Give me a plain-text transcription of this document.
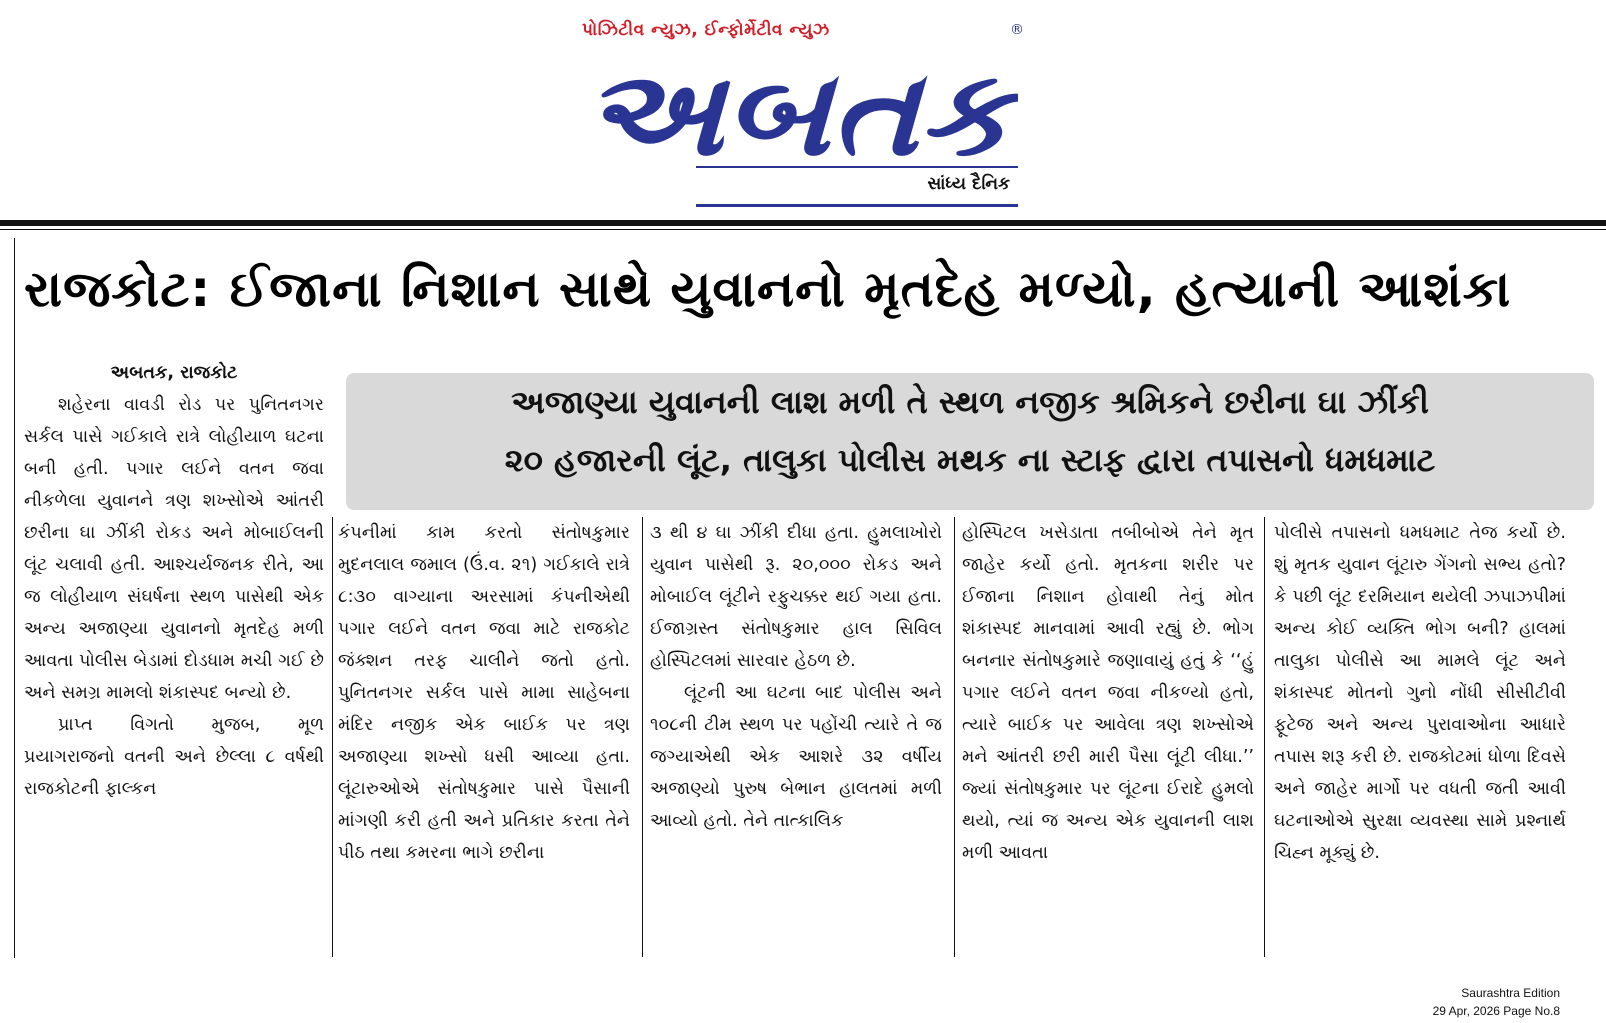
પોઝિટીવ ન્યુઝ, ઈન્ફોર્મેટીવ ન્યુઝ	®
અબતક
સાંધ્ય દૈનિક
રાજકોટ: ઈજાના નિશાન સાથે યુવાનનો મૃતદેહ મળ્યો, હત્યાની આશંકા
અજાણ્યા યુવાનની લાશ મળી તે સ્થળ નજીક શ્રમિકને છરીના ઘા ઝીંકી
૨૦ હજારની લૂંટ, તાલુકા પોલીસ મથક ના સ્ટાફ દ્વારા તપાસનો ધમધમાટ

અબતક, રાજકોટ

શહેરના વાવડી રોડ પર પુનિતનગર સર્કલ પાસે ગઈકાલે રાત્રે લોહીયાળ ઘટના બની હતી. પગાર લઈને વતન જવા નીકળેલા યુવાનને ત્રણ શખ્સોએ આંતરી છરીના ઘા ઝીંકી રોકડ અને મોબાઈલની લૂંટ ચલાવી હતી. આશ્ચર્યજનક રીતે, આ જ લોહીયાળ સંઘર્ષના સ્થળ પાસેથી એક અન્ય અજાણ્યા યુવાનનો મૃતદેહ મળી આવતા પોલીસ બેડામાં દોડધામ મચી ગઈ છે અને સમગ્ર મામલો શંકાસ્પદ બન્યો છે.

પ્રાપ્ત વિગતો મુજબ, મૂળ પ્રયાગરાજનો વતની અને છેલ્લા ૮ વર્ષથી રાજકોટની ફાલ્કન

કંપનીમાં કામ કરતો સંતોષકુમાર મુદનલાલ જમાલ (ઉં.વ. ૨૧) ગઈકાલે રાત્રે ૮:૩૦ વાગ્યાના અરસામાં કંપનીએથી પગાર લઈને વતન જવા માટે રાજકોટ જંક્શન તરફ ચાલીને જતો હતો. પુનિતનગર સર્કલ પાસે મામા સાહેબના મંદિર નજીક એક બાઈક પર ત્રણ અજાણ્યા શખ્સો ધસી આવ્યા હતા. લૂંટારુઓએ સંતોષકુમાર પાસે પૈસાની માંગણી કરી હતી અને પ્રતિકાર કરતા તેને પીઠ તથા કમરના ભાગે છરીના

૩ થી ૪ ઘા ઝીંકી દીધા હતા. હુમલાખોરો યુવાન પાસેથી રૂ. ૨૦,૦૦૦ રોકડ અને મોબાઈલ લૂંટીને રફુચક્કર થઈ ગયા હતા. ઈજાગ્રસ્ત સંતોષકુમાર હાલ સિવિલ હોસ્પિટલમાં સારવાર હેઠળ છે.

લૂંટની આ ઘટના બાદ પોલીસ અને ૧૦૮ની ટીમ સ્થળ પર પહોંચી ત્યારે તે જ જગ્યાએથી એક આશરે ૩૨ વર્ષીય અજાણ્યો પુરુષ બેભાન હાલતમાં મળી આવ્યો હતો. તેને તાત્કાલિક

હોસ્પિટલ ખસેડાતા તબીબોએ તેને મૃત જાહેર કર્યો હતો. મૃતકના શરીર પર ઈજાના નિશાન હોવાથી તેનું મોત શંકાસ્પદ માનવામાં આવી રહ્યું છે. ભોગ બનનાર સંતોષકુમારે જણાવાયું હતું કે ‘‘હું પગાર લઈને વતન જવા નીકળ્યો હતો, ત્યારે બાઈક પર આવેલા ત્રણ શખ્સોએ મને આંતરી છરી મારી પૈસા લૂંટી લીધા.’’ જ્યાં સંતોષકુમાર પર લૂંટના ઈરાદે હુમલો થયો, ત્યાં જ અન્ય એક યુવાનની લાશ મળી આવતા

પોલીસે તપાસનો ધમધમાટ તેજ કર્યો છે. શું મૃતક યુવાન લૂંટારુ ગેંગનો સભ્ય હતો? કે પછી લૂંટ દરમિયાન થયેલી ઝપાઝપીમાં અન્ય કોઈ વ્યક્તિ ભોગ બની? હાલમાં તાલુકા પોલીસે આ મામલે લૂંટ અને શંકાસ્પદ મોતનો ગુનો નોંધી સીસીટીવી ફૂટેજ અને અન્ય પુરાવાઓના આધારે તપાસ શરૂ કરી છે. રાજકોટમાં ધોળા દિવસે અને જાહેર માર્ગો પર વધતી જતી આવી ઘટનાઓએ સુરક્ષા વ્યવસ્થા સામે પ્રશ્નાર્થ ચિહ્ન મૂક્યું છે.

Saurashtra Edition
29 Apr, 2026 Page No.8
